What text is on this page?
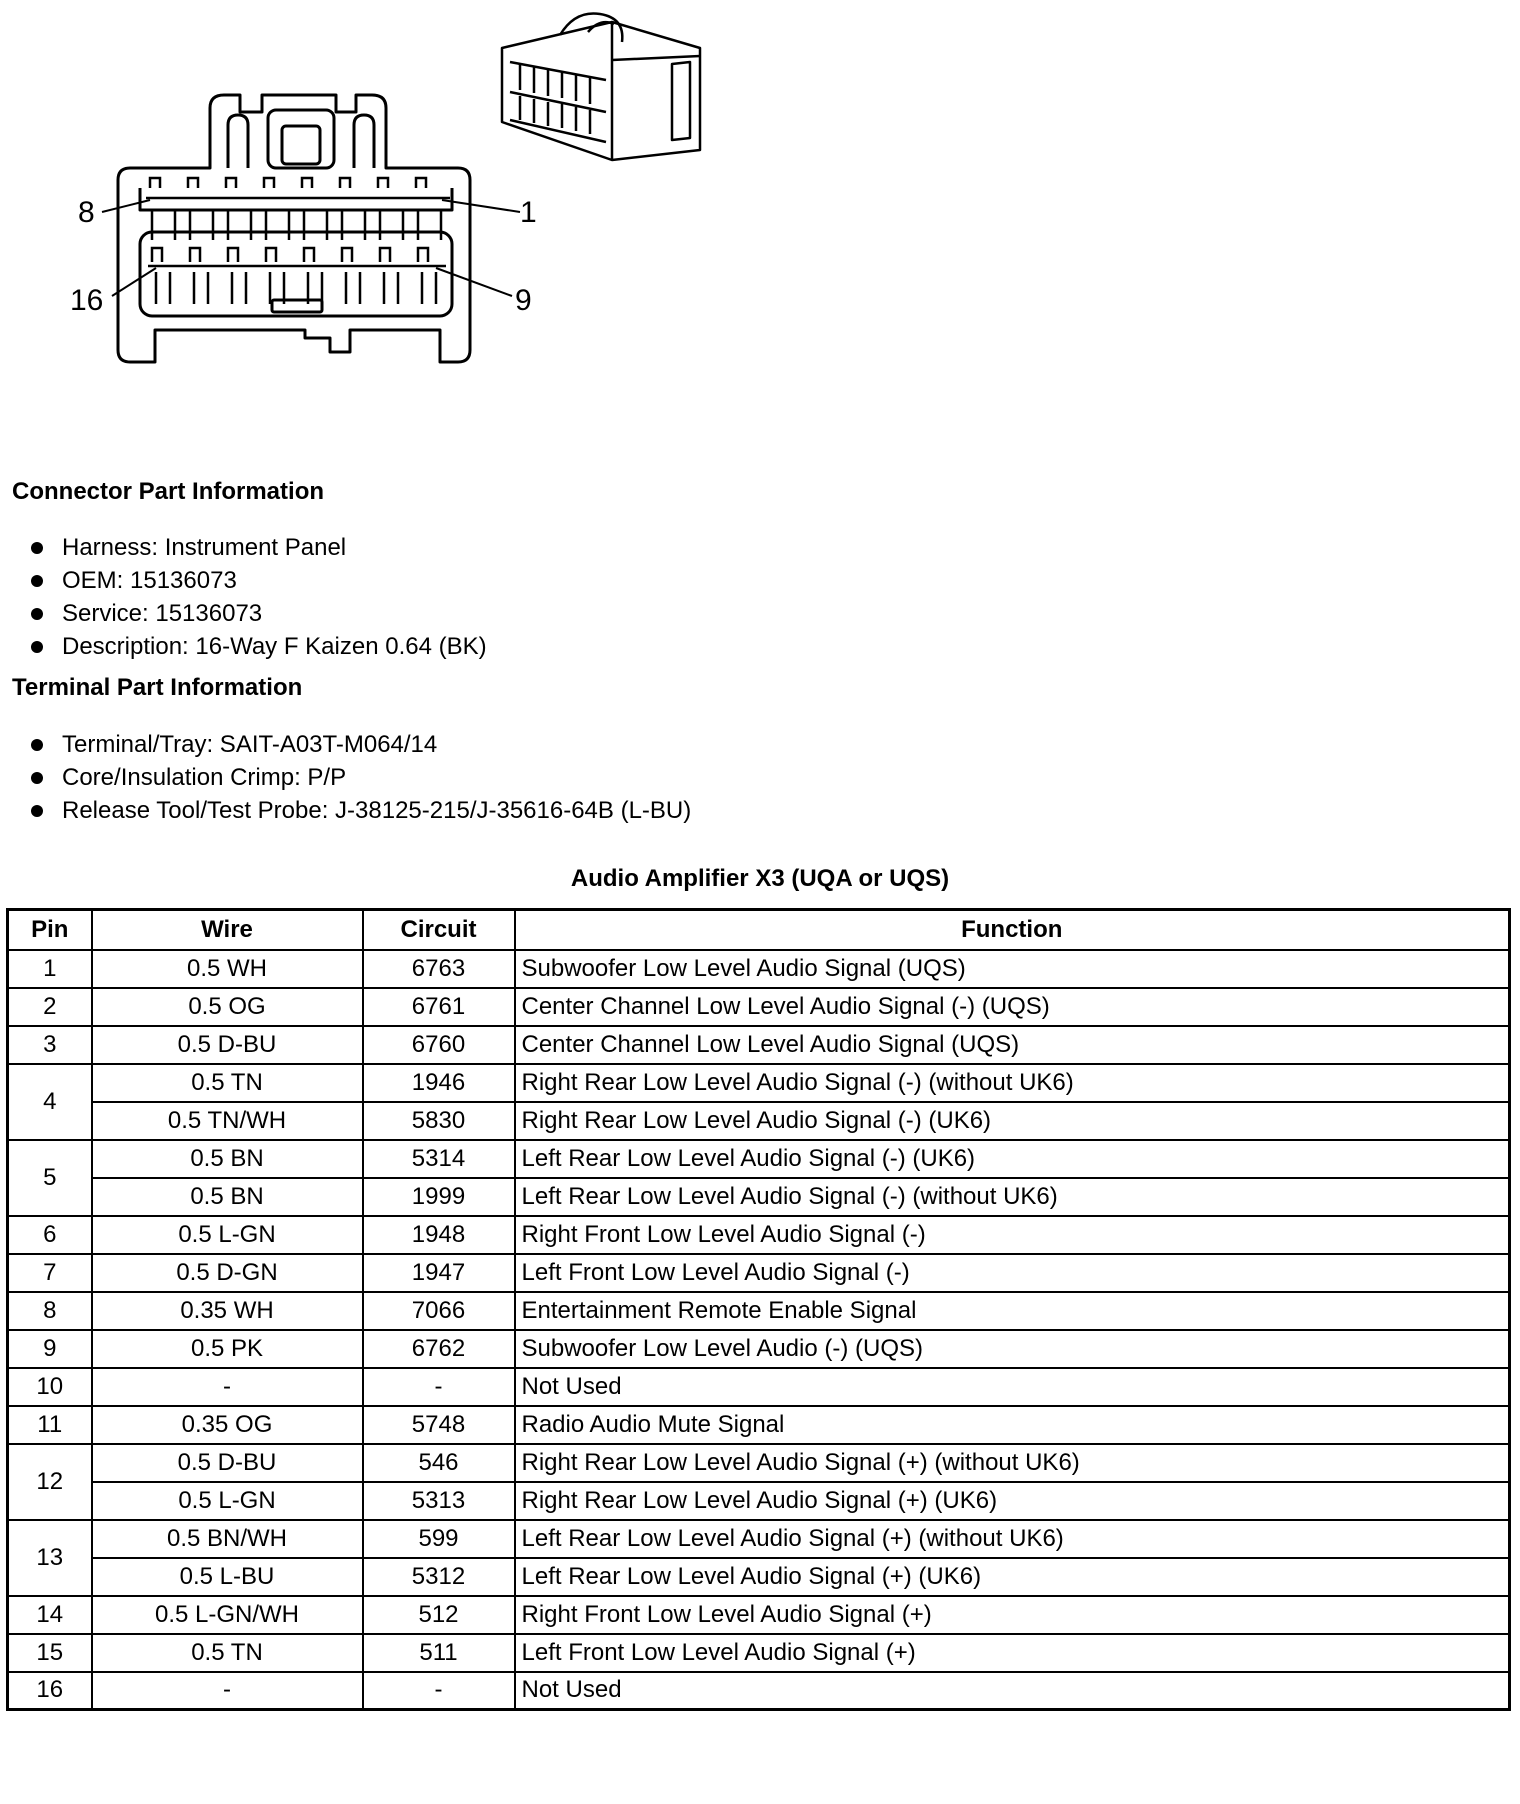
8	1
16	9
Connector Part Information
Harness: Instrument Panel
OEM: 15136073
Service: 15136073
Description: 16-Way F Kaizen 0.64 (BK)
Terminal Part Information
Terminal/Tray: SAIT-A03T-M064/14
Core/Insulation Crimp: P/P
Release Tool/Test Probe: J-38125-215/J-35616-64B (L-BU)
Audio Amplifier X3 (UQA or UQS)
Pin	Wire	Circuit	Function
1	0.5 WH	6763	Subwoofer Low Level Audio Signal (UQS)
2	0.5 OG	6761	Center Channel Low Level Audio Signal (-) (UQS)
3	0.5 D-BU	6760	Center Channel Low Level Audio Signal (UQS)
4	0.5 TN	1946	Right Rear Low Level Audio Signal (-) (without UK6)
	0.5 TN/WH	5830	Right Rear Low Level Audio Signal (-) (UK6)
5	0.5 BN	5314	Left Rear Low Level Audio Signal (-) (UK6)
	0.5 BN	1999	Left Rear Low Level Audio Signal (-) (without UK6)
6	0.5 L-GN	1948	Right Front Low Level Audio Signal (-)
7	0.5 D-GN	1947	Left Front Low Level Audio Signal (-)
8	0.35 WH	7066	Entertainment Remote Enable Signal
9	0.5 PK	6762	Subwoofer Low Level Audio (-) (UQS)
10	-	-	Not Used
11	0.35 OG	5748	Radio Audio Mute Signal
12	0.5 D-BU	546	Right Rear Low Level Audio Signal (+) (without UK6)
	0.5 L-GN	5313	Right Rear Low Level Audio Signal (+) (UK6)
13	0.5 BN/WH	599	Left Rear Low Level Audio Signal (+) (without UK6)
	0.5 L-BU	5312	Left Rear Low Level Audio Signal (+) (UK6)
14	0.5 L-GN/WH	512	Right Front Low Level Audio Signal (+)
15	0.5 TN	511	Left Front Low Level Audio Signal (+)
16	-	-	Not Used
